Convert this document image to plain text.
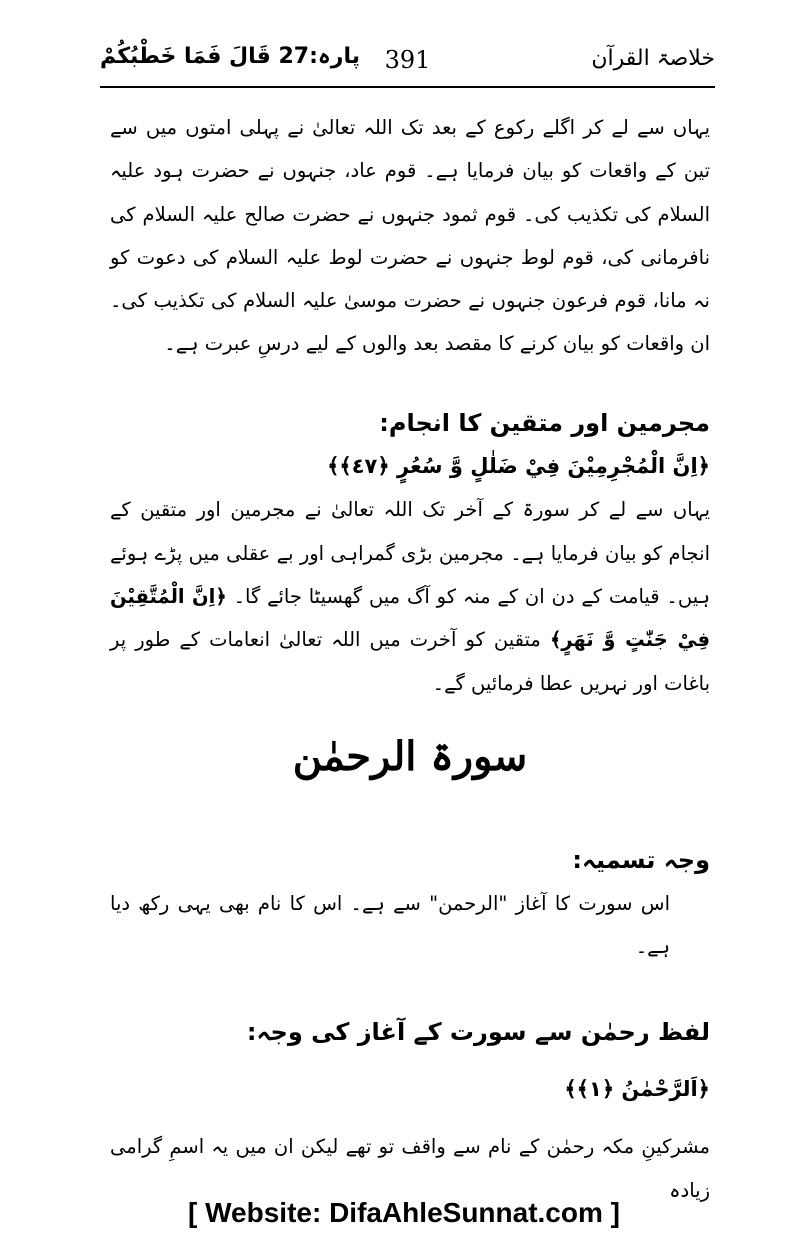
خلاصۃ القرآن
391
پارہ:27 قَالَ فَمَا خَطْبُکُمْ

یہاں سے لے کر اگلے رکوع کے بعد تک اللہ تعالیٰ نے پہلی امتوں میں سے تین کے واقعات کو بیان فرمایا ہے۔ قوم عاد، جنہوں نے حضرت ہود علیہ السلام کی تکذیب کی۔ قوم ثمود جنہوں نے حضرت صالح علیہ السلام کی نافرمانی کی، قوم لوط جنہوں نے حضرت لوط علیہ السلام کی دعوت کو نہ مانا، قوم فرعون جنہوں نے حضرت موسیٰ علیہ السلام کی تکذیب کی۔ ان واقعات کو بیان کرنے کا مقصد بعد والوں کے لیے درسِ عبرت ہے۔

مجرمین اور متقین کا انجام:

﴿اِنَّ الْمُجْرِمِيْنَ فِيْ ضَلٰلٍ وَّ سُعُرٍ ﴿٤٧﴾﴾

یہاں سے لے کر سورۃ کے آخر تک اللہ تعالیٰ نے مجرمین اور متقین کے انجام کو بیان فرمایا ہے۔ مجرمین بڑی گمراہی اور بے عقلی میں پڑے ہوئے ہیں۔ قیامت کے دن ان کے منہ کو آگ میں گھسیٹا جائے گا۔ ﴿اِنَّ الْمُتَّقِيْنَ فِيْ جَنّٰتٍ وَّ نَهَرٍ﴾ متقین کو آخرت میں اللہ تعالیٰ انعامات کے طور پر باغات اور نہریں عطا فرمائیں گے۔

سورۃ الرحمٰن

وجہ تسمیہ:

اس سورت کا آغاز "الرحمن" سے ہے۔ اس کا نام بھی یہی رکھ دیا ہے۔

لفظ رحمٰن سے سورت کے آغاز کی وجہ:

﴿اَلرَّحْمٰنُ ﴿١﴾﴾

مشرکینِ مکہ رحمٰن کے نام سے واقف تو تھے لیکن ان میں یہ اسمِ گرامی زیادہ

[ Website: DifaAhleSunnat.com ]
